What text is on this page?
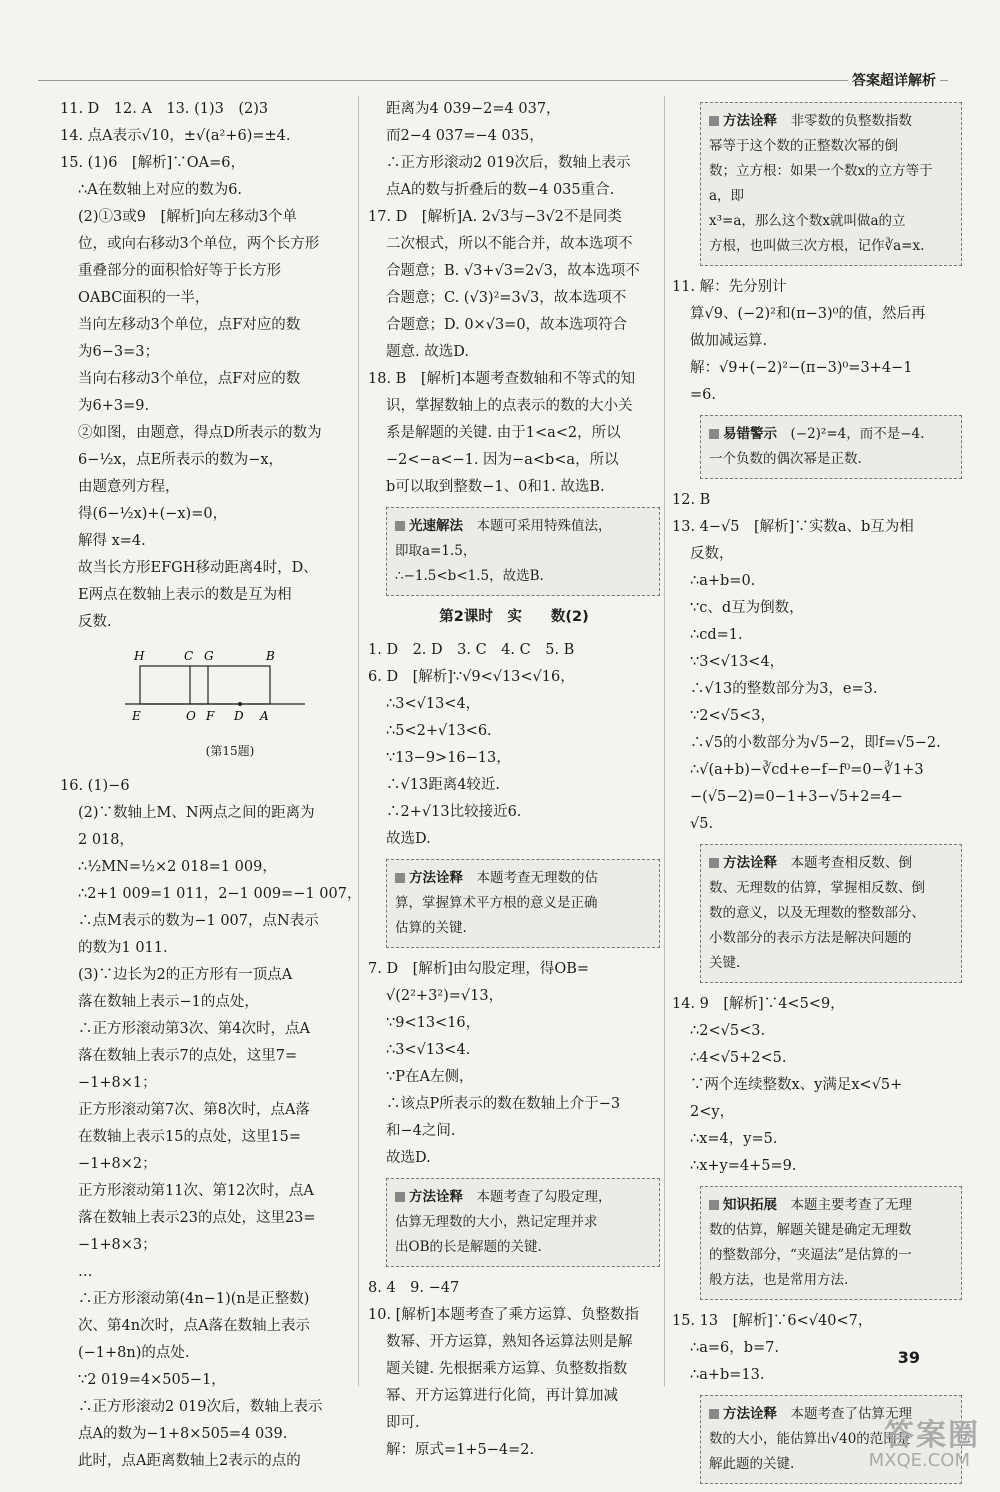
答案超详解析
11. D　12. A　13. (1)3　(2)3
14. 点A表示√10，±√(a²+6)=±4.
15. (1)6　[解析]∵OA=6，
∴A在数轴上对应的数为6.
(2)①3或9　[解析]向左移动3个单
位，或向右移动3个单位，两个长方形
重叠部分的面积恰好等于长方形
OABC面积的一半，
当向左移动3个单位，点F对应的数
为6−3=3；
当向右移动3个单位，点F对应的数
为6+3=9.
②如图，由题意，得点D所表示的数为
6−½x，点E所表示的数为−x，
由题意列方程，
得(6−½x)+(−x)=0，
解得 x=4.
故当长方形EFGH移动距离4时，D、
E两点在数轴上表示的数是互为相
反数.
H	C G	B
E	O F D A
(第15题)
16. (1)−6
(2)∵数轴上M、N两点之间的距离为
2 018，
∴½MN=½×2 018=1 009，
∴2+1 009=1 011，2−1 009=−1 007，
∴点M表示的数为−1 007，点N表示
的数为1 011.
(3)∵边长为2的正方形有一顶点A
落在数轴上表示−1的点处，
∴正方形滚动第3次、第4次时，点A
落在数轴上表示7的点处，这里7=
−1+8×1；
正方形滚动第7次、第8次时，点A落
在数轴上表示15的点处，这里15=
−1+8×2；
正方形滚动第11次、第12次时，点A
落在数轴上表示23的点处，这里23=
−1+8×3；
…
∴正方形滚动第(4n−1)(n是正整数)
次、第4n次时，点A落在数轴上表示
(−1+8n)的点处.
∵2 019=4×505−1，
∴正方形滚动2 019次后，数轴上表示
点A的数为−1+8×505=4 039.
此时，点A距离数轴上2表示的点的
距离为4 039−2=4 037，
而2−4 037=−4 035，
∴正方形滚动2 019次后，数轴上表示
点A的数与折叠后的数−4 035重合.
17. D　[解析]A. 2√3与−3√2不是同类
二次根式，所以不能合并，故本选项不
合题意；B. √3+√3=2√3，故本选项不
合题意；C. (√3)²=3√3，故本选项不
合题意；D. 0×√3=0，故本选项符合
题意. 故选D.
18. B　[解析]本题考查数轴和不等式的知
识，掌握数轴上的点表示的数的大小关
系是解题的关键. 由于1<a<2，所以
−2<−a<−1. 因为−a<b<a，所以
b可以取到整数−1、0和1. 故选B.
光速解法　本题可采用特殊值法，
即取a=1.5，
∴−1.5<b<1.5，故选B.
第2课时　实　　数(2)
1. D　2. D　3. C　4. C　5. B
6. D　[解析]∵√9<√13<√16，
∴3<√13<4，
∴5<2+√13<6.
∵13−9>16−13，
∴√13距离4较近.
∴2+√13比较接近6.
故选D.
方法诠释　本题考查无理数的估
算，掌握算术平方根的意义是正确
估算的关键.
7. D　[解析]由勾股定理，得OB=
√(2²+3²)=√13，
∵9<13<16，
∴3<√13<4.
∵P在A左侧，
∴该点P所表示的数在数轴上介于−3
和−4之间.
故选D.
方法诠释　本题考查了勾股定理，
估算无理数的大小，熟记定理并求
出OB的长是解题的关键.
8. 4　9. −47
10. [解析]本题考查了乘方运算、负整数指
数幂、开方运算，熟知各运算法则是解
题关键. 先根据乘方运算、负整数指数
幂、开方运算进行化简，再计算加减
即可.
解：原式=1+5−4=2.
方法诠释　非零数的负整数指数
幂等于这个数的正整数次幂的倒
数；立方根：如果一个数x的立方等于a，即
x³=a，那么这个数x就叫做a的立
方根，也叫做三次方根，记作∛a=x.
11. 解：先分别计
算√9、(−2)²和(π−3)⁰的值，然后再
做加减运算.
解：√9+(−2)²−(π−3)⁰=3+4−1
=6.
易错警示　(−2)²=4，而不是−4.
一个负数的偶次幂是正数.
12. B
13. 4−√5　[解析]∵实数a、b互为相
反数，
∴a+b=0.
∵c、d互为倒数，
∴cd=1.
∵3<√13<4，
∴√13的整数部分为3，e=3.
∵2<√5<3，
∴√5的小数部分为√5−2，即f=√5−2.
∴√(a+b)−∛cd+e−f−f⁰=0−∛1+3
−(√5−2)=0−1+3−√5+2=4−
√5.
方法诠释　本题考查相反数、倒
数、无理数的估算，掌握相反数、倒
数的意义，以及无理数的整数部分、
小数部分的表示方法是解决问题的
关键.
14. 9　[解析]∵4<5<9，
∴2<√5<3.
∴4<√5+2<5.
∵两个连续整数x、y满足x<√5+
2<y，
∴x=4，y=5.
∴x+y=4+5=9.
知识拓展　本题主要考查了无理
数的估算，解题关键是确定无理数
的整数部分，“夹逼法”是估算的一
般方法，也是常用方法.
15. 13　[解析]∵6<√40<7，
∴a=6，b=7.
∴a+b=13.
方法诠释　本题考查了估算无理
数的大小，能估算出√40的范围是
解此题的关键.
39
答案圈
MXQE.COM
